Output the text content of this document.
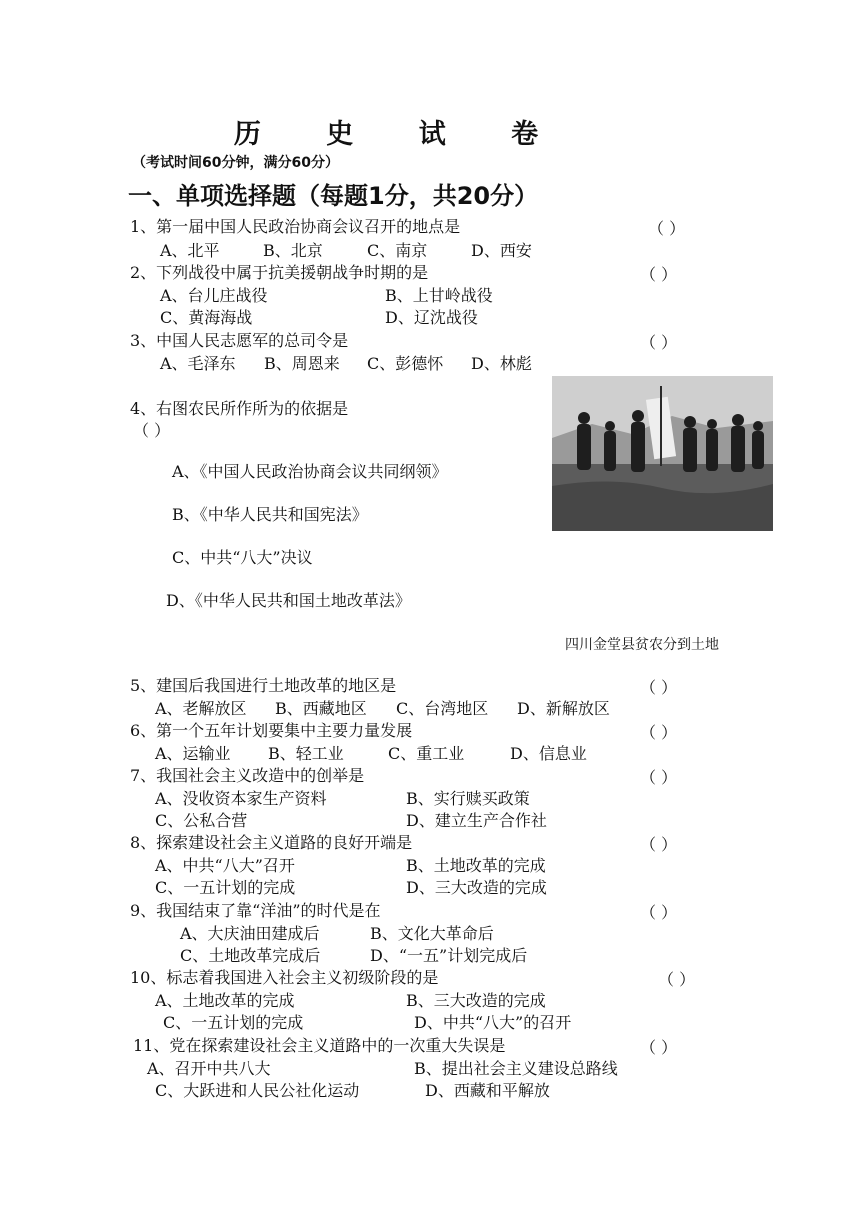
历 史 试 卷
（考试时间60分钟，满分60分）
一、单项选择题（每题1分，共20分）
1、第一届中国人民政治协商会议召开的地点是	（ ）
A、北平	B、北京	C、南京	D、西安
2、下列战役中属于抗美援朝战争时期的是	（ ）
A、台儿庄战役	B、上甘岭战役
C、黄海海战	D、辽沈战役
3、中国人民志愿军的总司令是	（ ）
A、毛泽东 B、周恩来 C、彭德怀 D、林彪
4、右图农民所作所为的依据是
（ ）
A、《中国人民政治协商会议共同纲领》
B、《中华人民共和国宪法》
C、中共“八大”决议
D、《中华人民共和国土地改革法》
四川金堂县贫农分到土地
5、建国后我国进行土地改革的地区是	（ ）
A、老解放区 B、西藏地区 C、台湾地区 D、新解放区
6、第一个五年计划要集中主要力量发展	（ ）
A、运输业 B、轻工业	C、重工业	D、信息业
7、我国社会主义改造中的创举是	（ ）
A、没收资本家生产资料	B、实行赎买政策
C、公私合营	D、建立生产合作社
8、探索建设社会主义道路的良好开端是	（ ）
A、中共“八大”召开	B、土地改革的完成
C、一五计划的完成	D、三大改造的完成
9、我国结束了靠“洋油”的时代是在	（ ）
A、大庆油田建成后	B、文化大革命后
C、土地改革完成后	D、“一五”计划完成后
10、标志着我国进入社会主义初级阶段的是	（ ）
A、土地改革的完成	B、三大改造的完成
C、一五计划的完成	D、中共“八大”的召开
11、党在探索建设社会主义道路中的一次重大失误是	（ ）
A、召开中共八大	B、提出社会主义建设总路线
C、大跃进和人民公社化运动	D、西藏和平解放
